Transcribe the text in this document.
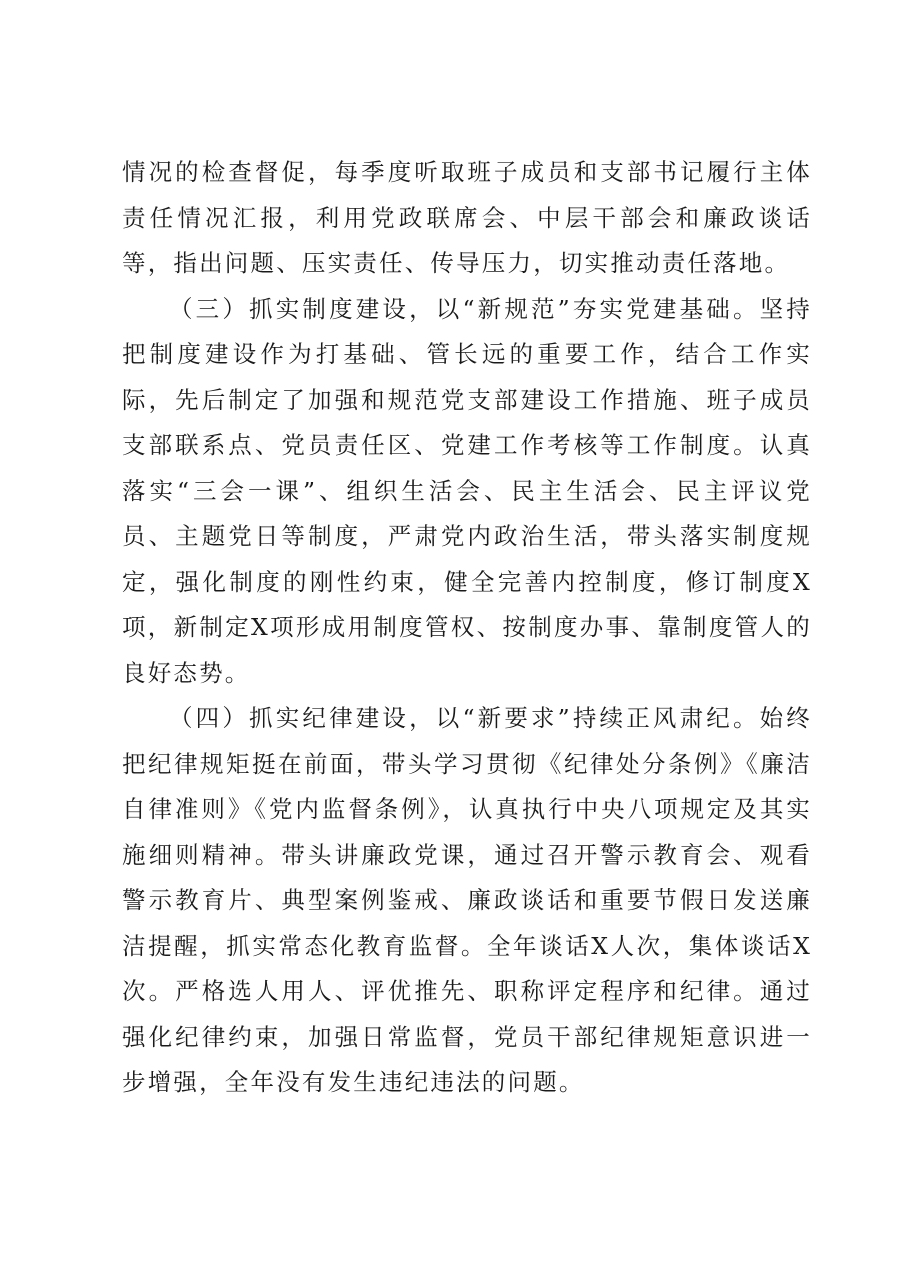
情况的检查督促，每季度听取班子成员和支部书记履行主体责任情况汇报，利用党政联席会、中层干部会和廉政谈话等，指出问题、压实责任、传导压力，切实推动责任落地。

（三）抓实制度建设，以“新规范”夯实党建基础。坚持把制度建设作为打基础、管长远的重要工作，结合工作实际，先后制定了加强和规范党支部建设工作措施、班子成员支部联系点、党员责任区、党建工作考核等工作制度。认真落实“三会一课”、组织生活会、民主生活会、民主评议党员、主题党日等制度，严肃党内政治生活，带头落实制度规定，强化制度的刚性约束，健全完善内控制度，修订制度X项，新制定X项形成用制度管权、按制度办事、靠制度管人的良好态势。

（四）抓实纪律建设，以“新要求”持续正风肃纪。始终把纪律规矩挺在前面，带头学习贯彻《纪律处分条例》《廉洁自律准则》《党内监督条例》，认真执行中央八项规定及其实施细则精神。带头讲廉政党课，通过召开警示教育会、观看警示教育片、典型案例鉴戒、廉政谈话和重要节假日发送廉洁提醒，抓实常态化教育监督。全年谈话X人次，集体谈话X次。严格选人用人、评优推先、职称评定程序和纪律。通过强化纪律约束，加强日常监督，党员干部纪律规矩意识进一步增强，全年没有发生违纪违法的问题。
